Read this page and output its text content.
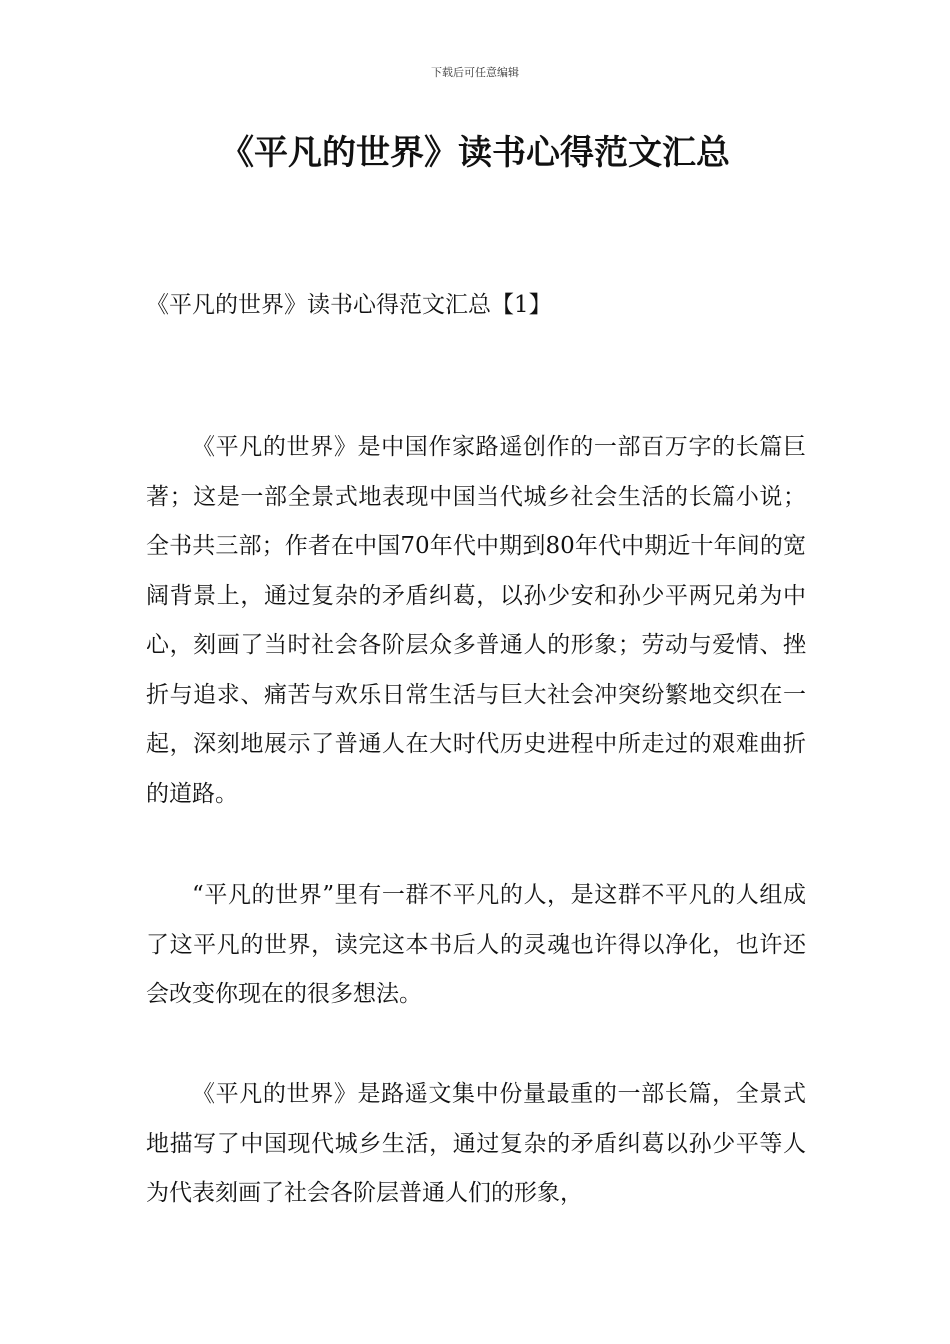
下载后可任意编辑
《平凡的世界》读书心得范文汇总
《平凡的世界》读书心得范文汇总【1】
《平凡的世界》是中国作家路遥创作的一部百万字的长篇巨著；这是一部全景式地表现中国当代城乡社会生活的长篇小说；全书共三部；作者在中国70年代中期到80年代中期近十年间的宽阔背景上，通过复杂的矛盾纠葛，以孙少安和孙少平两兄弟为中心，刻画了当时社会各阶层众多普通人的形象；劳动与爱情、挫折与追求、痛苦与欢乐日常生活与巨大社会冲突纷繁地交织在一起，深刻地展示了普通人在大时代历史进程中所走过的艰难曲折的道路。
“平凡的世界”里有一群不平凡的人，是这群不平凡的人组成了这平凡的世界，读完这本书后人的灵魂也许得以净化，也许还会改变你现在的很多想法。
《平凡的世界》是路遥文集中份量最重的一部长篇，全景式地描写了中国现代城乡生活，通过复杂的矛盾纠葛以孙少平等人为代表刻画了社会各阶层普通人们的形象，
